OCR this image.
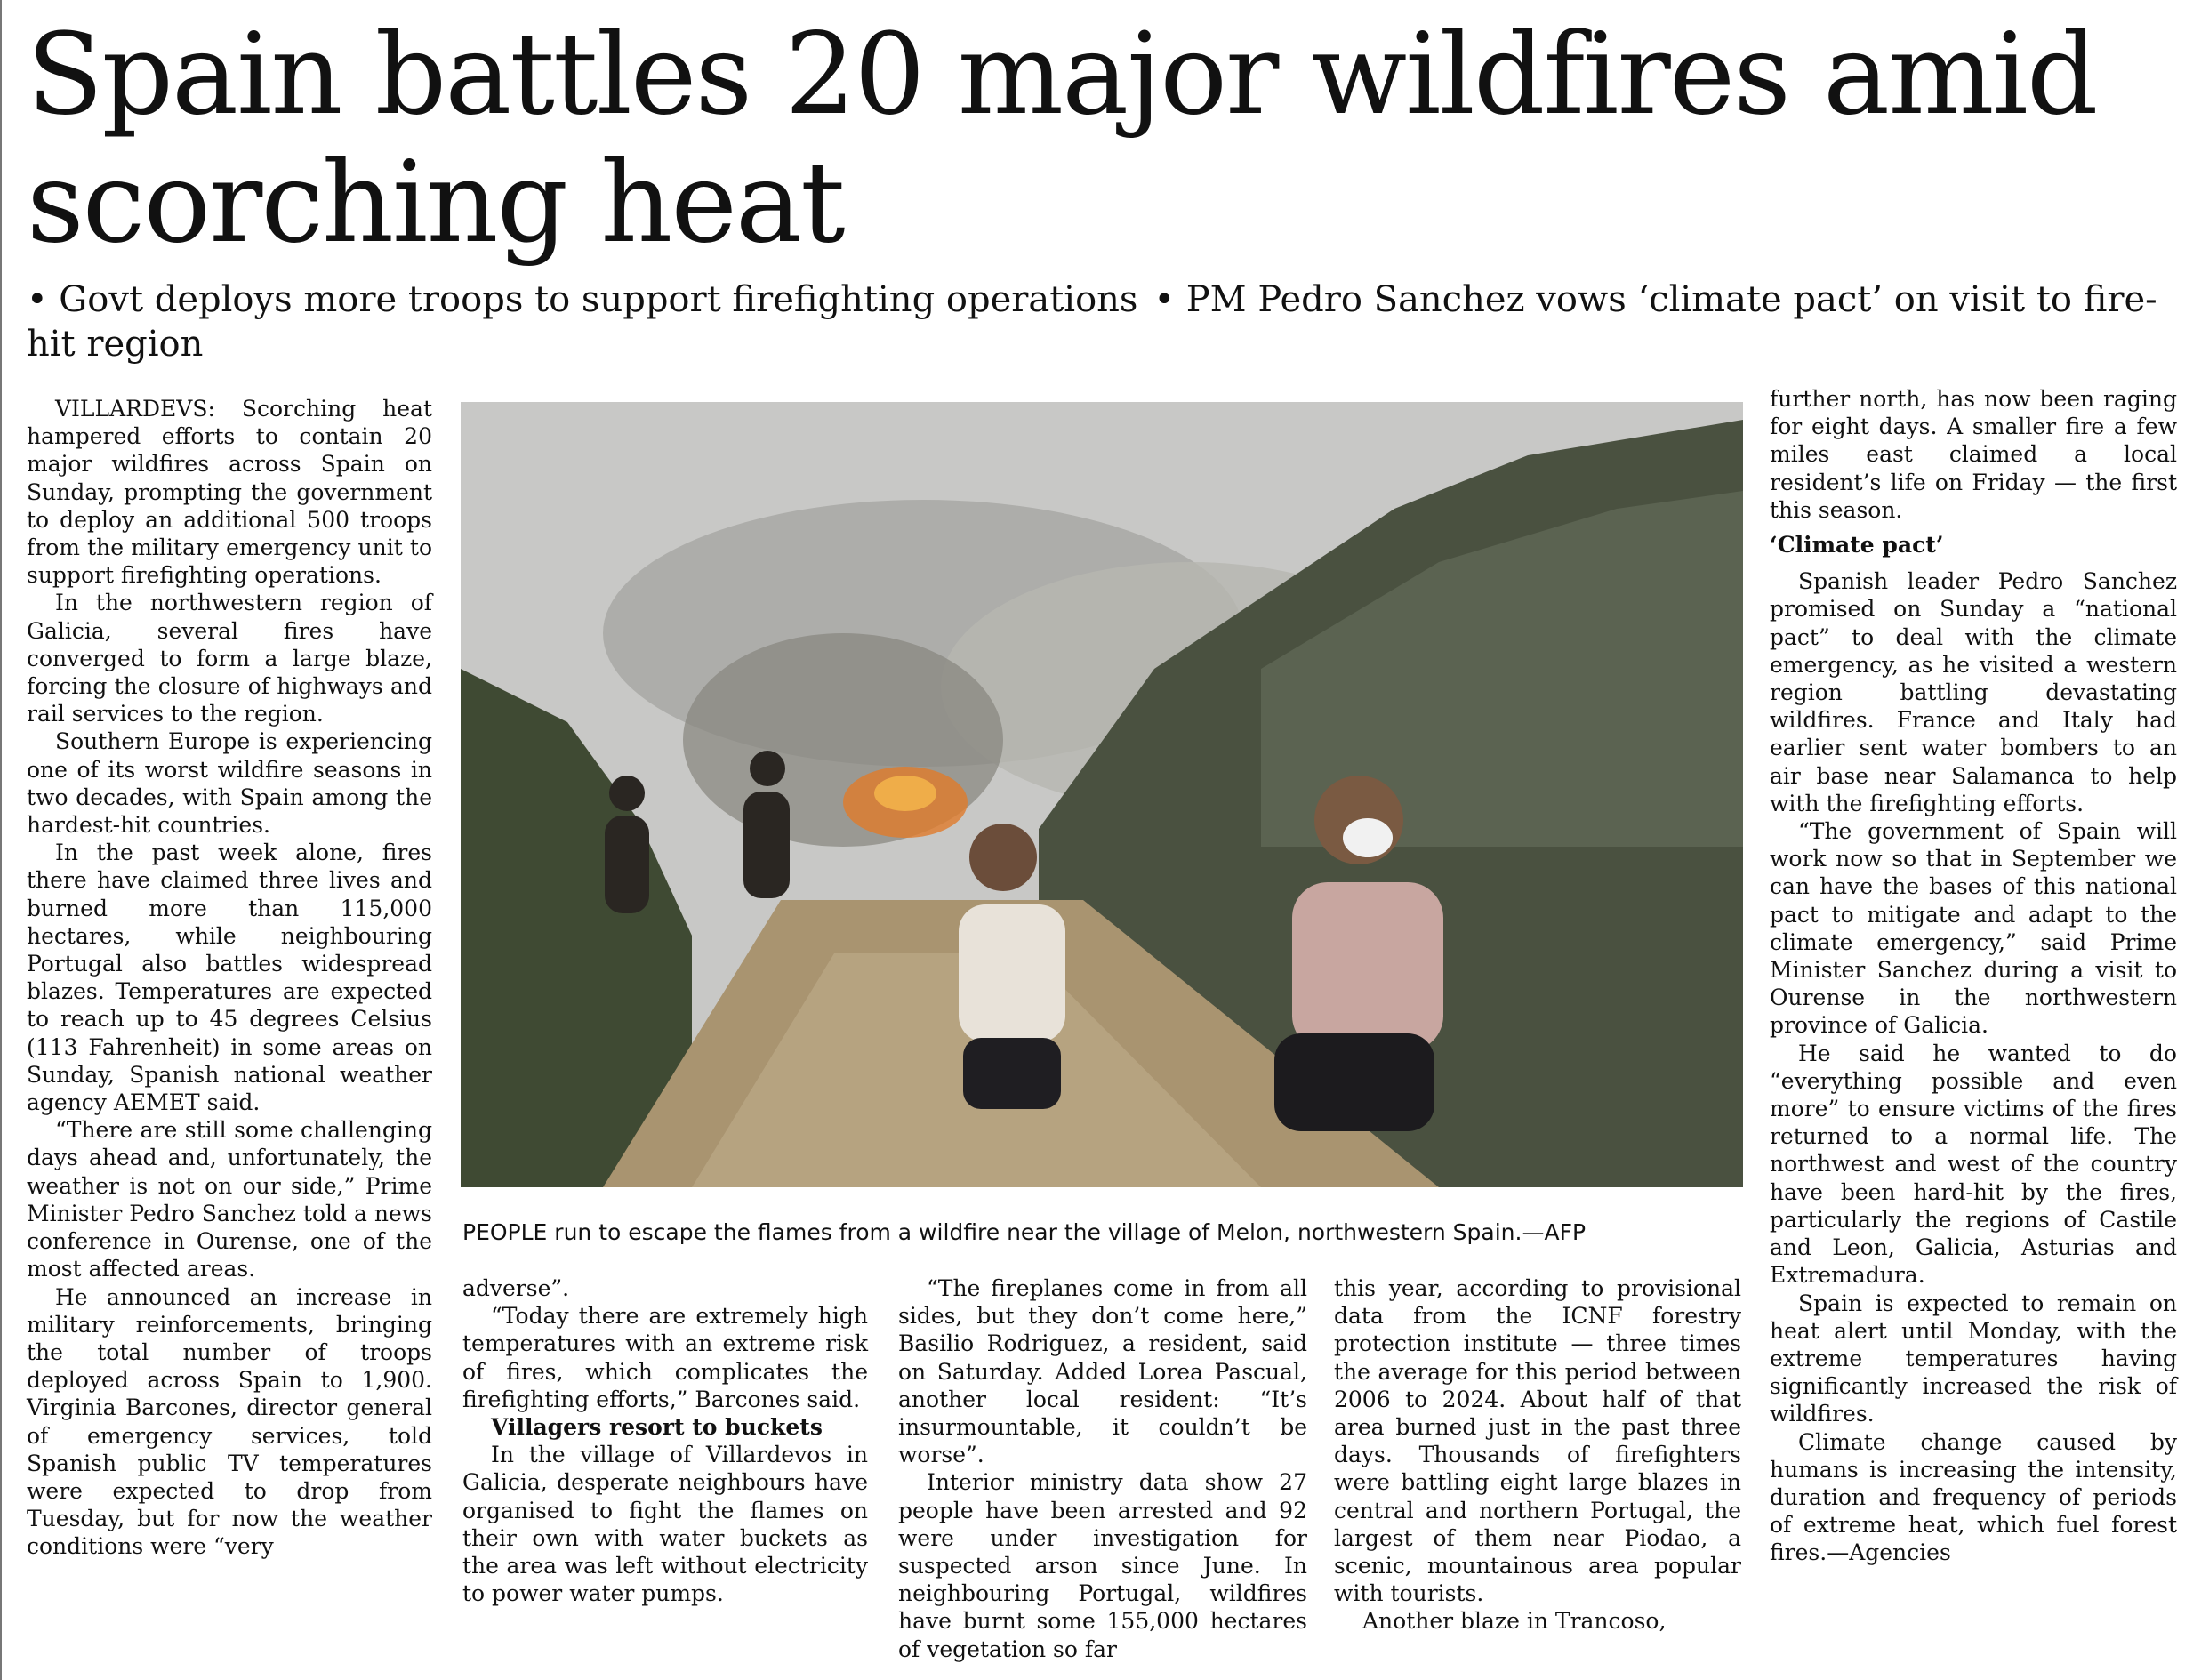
Spain battles 20 major wildfires amid scorching heat
• Govt deploys more troops to support firefighting operations • PM Pedro Sanchez vows ‘climate pact’ on visit to fire-hit region

VILLARDEVS: Scorching heat hampered efforts to contain 20 major wildfires across Spain on Sunday, prompting the government to deploy an additional 500 troops from the military emergency unit to support firefighting operations.

In the northwestern region of Galicia, several fires have converged to form a large blaze, forcing the closure of highways and rail services to the region.

Southern Europe is experiencing one of its worst wildfire seasons in two decades, with Spain among the hardest-hit countries.

In the past week alone, fires there have claimed three lives and burned more than 115,000 hectares, while neighbouring Portugal also battles widespread blazes. Temperatures are expected to reach up to 45 degrees Celsius (113 Fahrenheit) in some areas on Sunday, Spanish national weather agency AEMET said.

“There are still some challenging days ahead and, unfortunately, the weather is not on our side,” Prime Minister Pedro Sanchez told a news conference in Ourense, one of the most affected areas.

He announced an increase in military reinforcements, bringing the total number of troops deployed across Spain to 1,900. Virginia Barcones, director general of emergency services, told Spanish public TV temperatures were expected to drop from Tuesday, but for now the weather conditions were “very

PEOPLE run to escape the flames from a wildfire near the village of Melon, northwestern Spain.—AFP

adverse”.

“Today there are extremely high temperatures with an extreme risk of fires, which complicates the firefighting efforts,” Barcones said.

Villagers resort to buckets

In the village of Villardevos in Galicia, desperate neighbours have organised to fight the flames on their own with water buckets as the area was left without electricity to power water pumps.

“The fireplanes come in from all sides, but they don’t come here,” Basilio Rodriguez, a resident, said on Saturday. Added Lorea Pascual, another local resident: “It’s insurmountable, it couldn’t be worse”.

Interior ministry data show 27 people have been arrested and 92 were under investigation for suspected arson since June. In neighbouring Portugal, wildfires have burnt some 155,000 hectares of vegetation so far

this year, according to provisional data from the ICNF forestry protection institute — three times the average for this period between 2006 to 2024. About half of that area burned just in the past three days. Thousands of firefighters were battling eight large blazes in central and northern Portugal, the largest of them near Piodao, a scenic, mountainous area popular with tourists.

Another blaze in Trancoso,

further north, has now been raging for eight days. A smaller fire a few miles east claimed a local resident’s life on Friday — the first this season.

‘Climate pact’

Spanish leader Pedro Sanchez promised on Sunday a “national pact” to deal with the climate emergency, as he visited a western region battling devastating wildfires. France and Italy had earlier sent water bombers to an air base near Salamanca to help with the firefighting efforts.

“The government of Spain will work now so that in September we can have the bases of this national pact to mitigate and adapt to the climate emergency,” said Prime Minister Sanchez during a visit to Ourense in the northwestern province of Galicia.

He said he wanted to do “everything possible and even more” to ensure victims of the fires returned to a normal life. The northwest and west of the country have been hard-hit by the fires, particularly the regions of Castile and Leon, Galicia, Asturias and Extremadura.

Spain is expected to remain on heat alert until Monday, with the extreme temperatures having significantly increased the risk of wildfires.

Climate change caused by humans is increasing the intensity, duration and frequency of periods of extreme heat, which fuel forest fires.—Agencies
